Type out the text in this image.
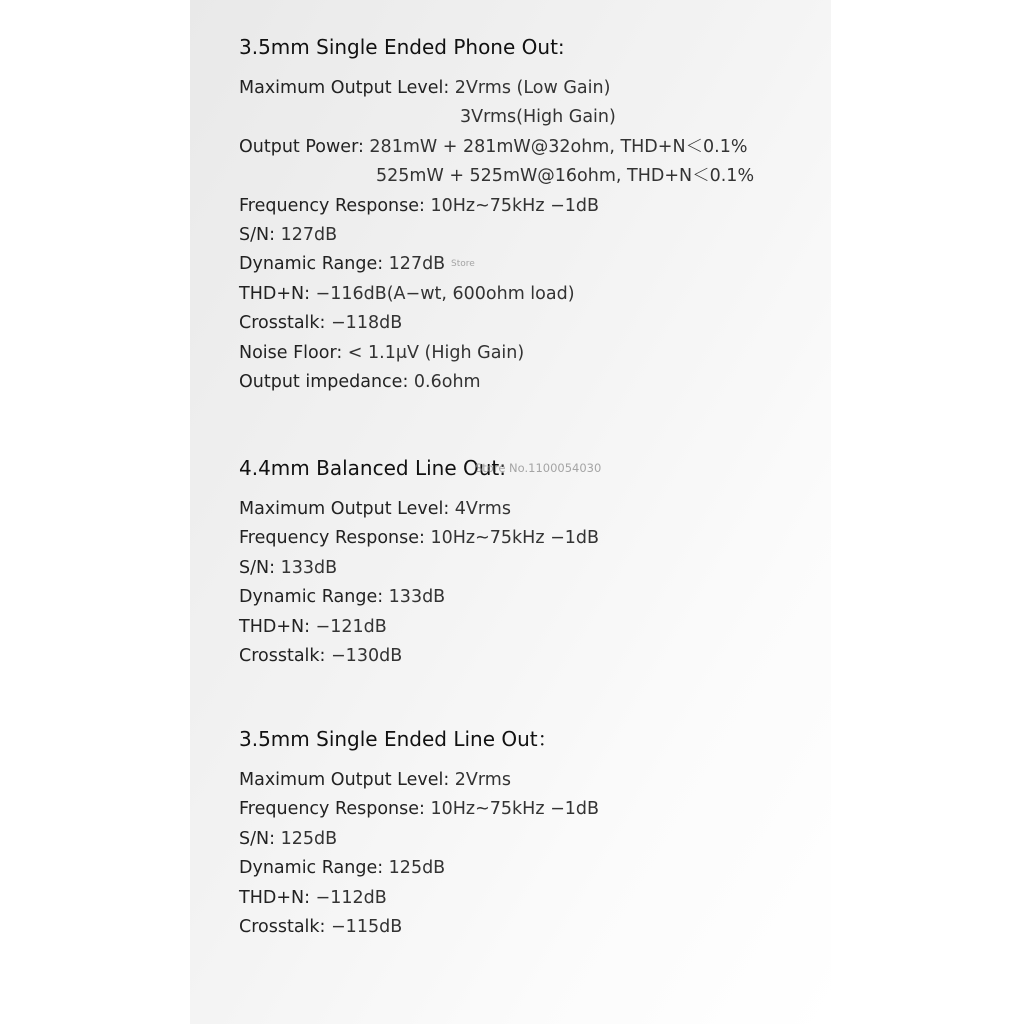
3.5mm Single Ended Phone Out:
Maximum Output Level: 2Vrms (Low Gain)
3Vrms(High Gain)
Output Power: 281mW + 281mW@32ohm, THD+N＜0.1%
525mW + 525mW@16ohm, THD+N＜0.1%
Frequency Response: 10Hz~75kHz −1dB
S/N: 127dB
Dynamic Range: 127dB
THD+N: −116dB(A−wt, 600ohm load)
Crosstalk: −118dB
Noise Floor: < 1.1μV (High Gain)
Output impedance: 0.6ohm
4.4mm Balanced Line Out:
Maximum Output Level: 4Vrms
Frequency Response: 10Hz~75kHz −1dB
S/N: 133dB
Dynamic Range: 133dB
THD+N: −121dB
Crosstalk: −130dB
3.5mm Single Ended Line Out：
Maximum Output Level: 2Vrms
Frequency Response: 10Hz~75kHz −1dB
S/N: 125dB
Dynamic Range: 125dB
THD+N: −112dB
Crosstalk: −115dB
Store
Store No.1100054030
